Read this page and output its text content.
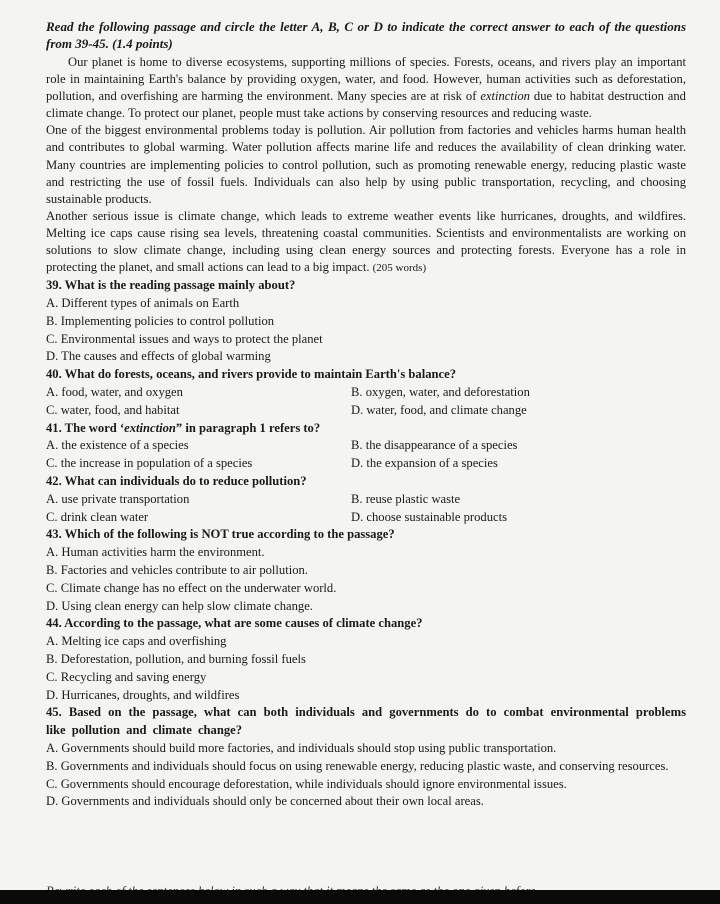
Read the following passage and circle the letter A, B, C or D to indicate the correct answer to each of the questions from 39-45. (1.4 points)

Our planet is home to diverse ecosystems, supporting millions of species. Forests, oceans, and rivers play an important role in maintaining Earth's balance by providing oxygen, water, and food. However, human activities such as deforestation, pollution, and overfishing are harming the environment. Many species are at risk of extinction due to habitat destruction and climate change. To protect our planet, people must take actions by conserving resources and reducing waste.

One of the biggest environmental problems today is pollution. Air pollution from factories and vehicles harms human health and contributes to global warming. Water pollution affects marine life and reduces the availability of clean drinking water. Many countries are implementing policies to control pollution, such as promoting renewable energy, reducing plastic waste and restricting the use of fossil fuels. Individuals can also help by using public transportation, recycling, and choosing sustainable products.

Another serious issue is climate change, which leads to extreme weather events like hurricanes, droughts, and wildfires. Melting ice caps cause rising sea levels, threatening coastal communities. Scientists and environmentalists are working on solutions to slow climate change, including using clean energy sources and protecting forests. Everyone has a role in protecting the planet, and small actions can lead to a big impact. (205 words)

39. What is the reading passage mainly about?

A. Different types of animals on Earth

B. Implementing policies to control pollution

C. Environmental issues and ways to protect the planet

D. The causes and effects of global warming

40. What do forests, oceans, and rivers provide to maintain Earth's balance?

A. food, water, and oxygen	B. oxygen, water, and deforestation
C. water, food, and habitat	D. water, food, and climate change

41. The word ‘extinction” in paragraph 1 refers to?

A. the existence of a species	B. the disappearance of a species
C. the increase in population of a species	D. the expansion of a species

42. What can individuals do to reduce pollution?

A. use private transportation	B. reuse plastic waste
C. drink clean water	D. choose sustainable products

43. Which of the following is NOT true according to the passage?

A. Human activities harm the environment.

B. Factories and vehicles contribute to air pollution.

C. Climate change has no effect on the underwater world.

D. Using clean energy can help slow climate change.

44. According to the passage, what are some causes of climate change?

A. Melting ice caps and overfishing

B. Deforestation, pollution, and burning fossil fuels

C. Recycling and saving energy

D. Hurricanes, droughts, and wildfires

45. Based on the passage, what can both individuals and governments do to combat environmental problems like pollution and climate change?

A. Governments should build more factories, and individuals should stop using public transportation.

B. Governments and individuals should focus on using renewable energy, reducing plastic waste, and conserving resources.

C. Governments should encourage deforestation, while individuals should ignore environmental issues.

D. Governments and individuals should only be concerned about their own local areas.
